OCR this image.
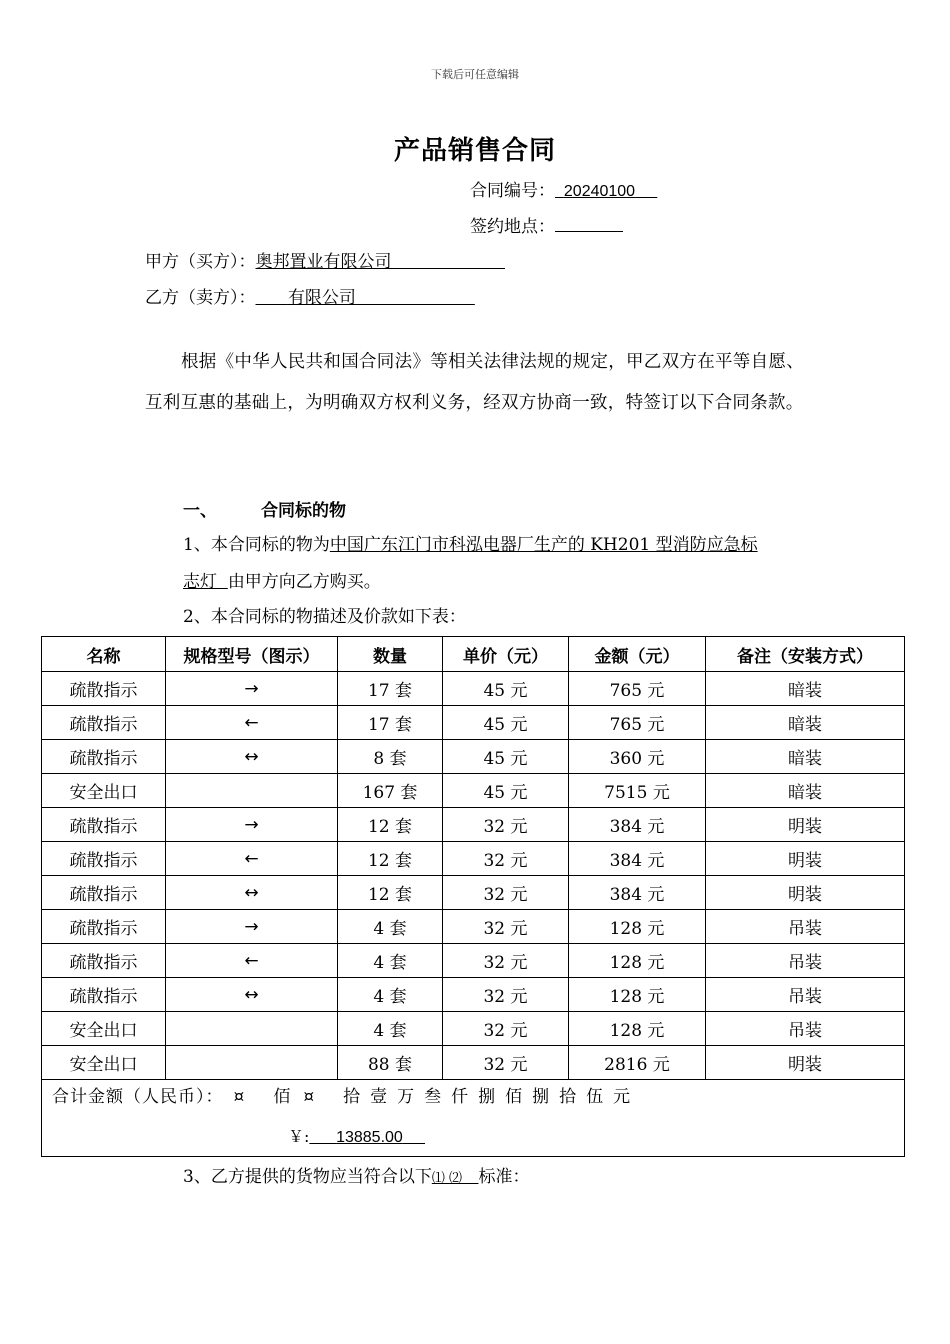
下载后可任意编辑
产品销售合同
合同编号： 20240100
签约地点：
甲方（买方）：奥邦置业有限公司
乙方（卖方）： 有限公司
根据《中华人民共和国合同法》等相关法律法规的规定，甲乙双方在平等自愿、互利互惠的基础上，为明确双方权利义务，经双方协商一致，特签订以下合同条款。
一、	合同标的物
1、本合同标的物为中国广东江门市科泓电器厂生产的 KH201 型消防应急标
志灯  由甲方向乙方购买。
2、本合同标的物描述及价款如下表：
名称	规格型号（图示）	数量	单价（元）	金额（元）	备注（安装方式）
疏散指示	→	17 套	45 元	765 元	暗装
疏散指示	←	17 套	45 元	765 元	暗装
疏散指示	↔	8 套	45 元	360 元	暗装
安全出口		167 套	45 元	7515 元	暗装
疏散指示	→	12 套	32 元	384 元	明装
疏散指示	←	12 套	32 元	384 元	明装
疏散指示	↔	12 套	32 元	384 元	明装
疏散指示	→	4 套	32 元	128 元	吊装
疏散指示	←	4 套	32 元	128 元	吊装
疏散指示	↔	4 套	32 元	128 元	吊装
安全出口		4 套	32 元	128 元	吊装
安全出口		88 套	32 元	2816 元	明装

合计金额（人民币）： ¤ 佰 ¤ 拾 壹 万 叁 仟 捌 佰 捌 拾 伍 元
￥: 13885.00					
3、乙方提供的货物应当符合以下⑴ ⑵ 标准：
